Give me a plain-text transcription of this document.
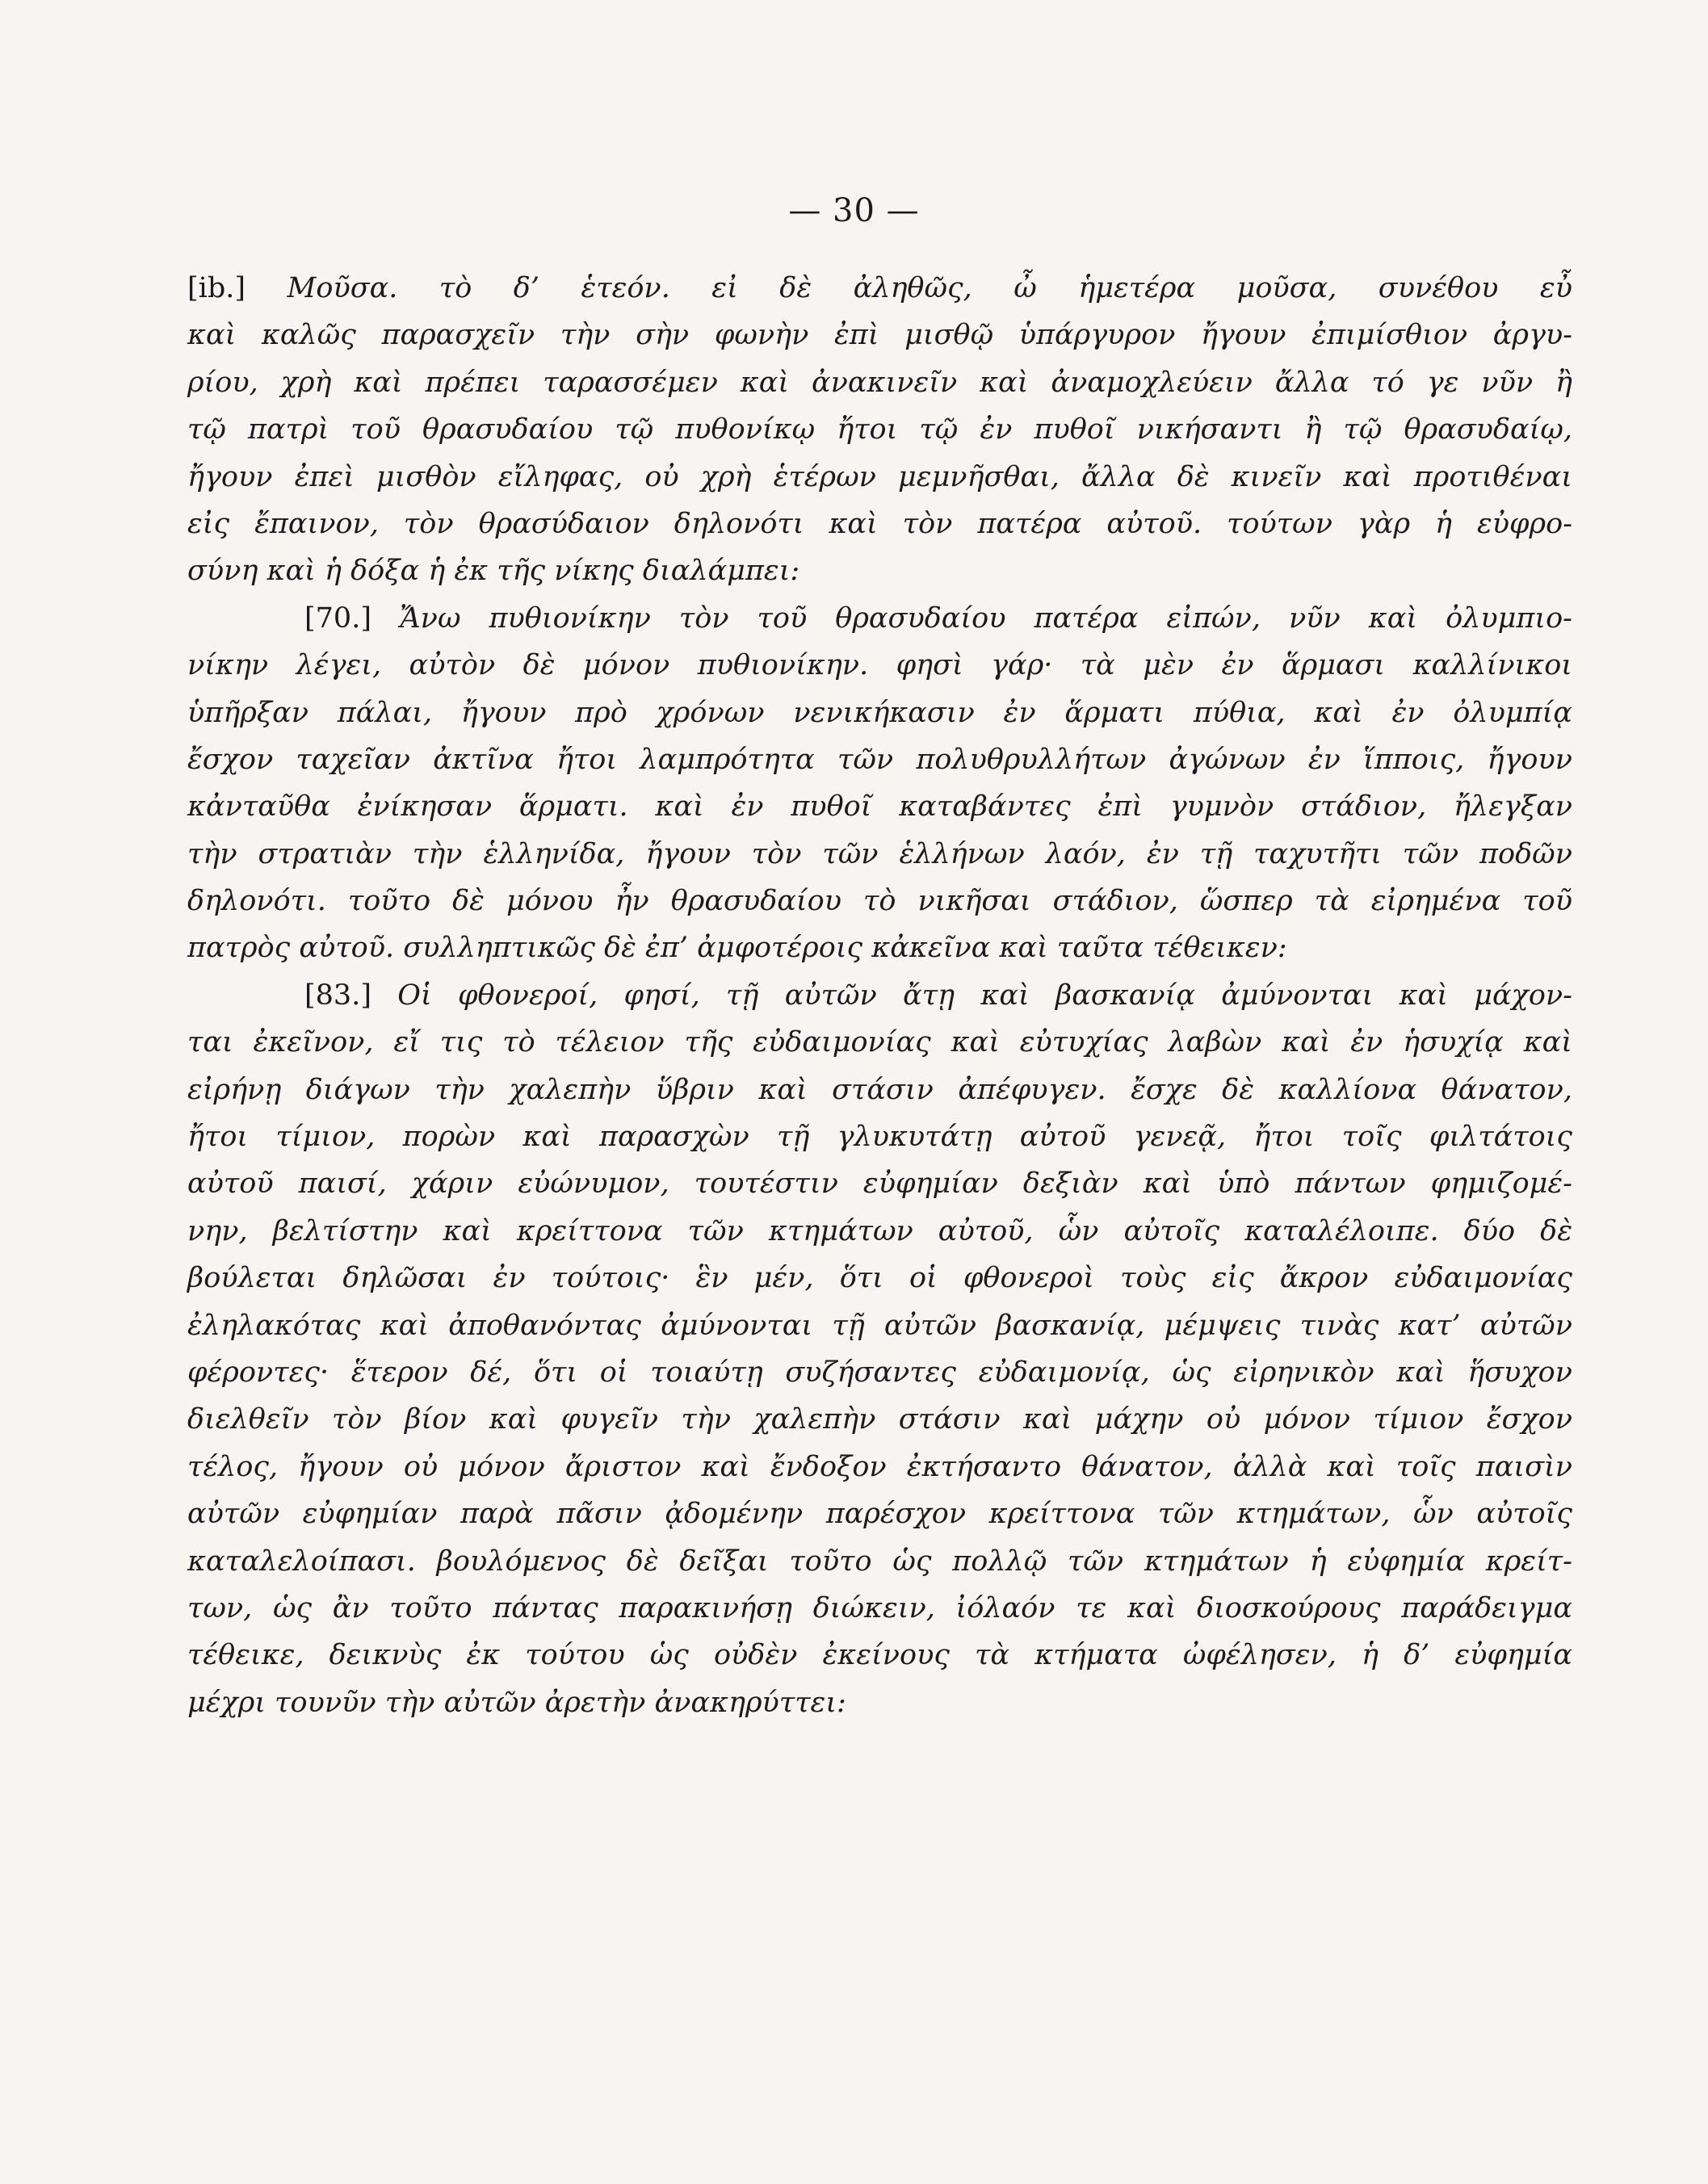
— 30 —
[ib.] Μοῦσα. τὸ δ’ ἑτεόν. εἰ δὲ ἀληθῶς, ὦ ἡμετέρα μοῦσα, συνέθου εὖ
καὶ καλῶς παρασχεῖν τὴν σὴν φωνὴν ἐπὶ μισθῷ ὑπάργυρον ἤγουν ἐπιμίσθιον ἀργυ-
ρίου, χρὴ καὶ πρέπει ταρασσέμεν καὶ ἀνακινεῖν καὶ ἀναμοχλεύειν ἄλλα τό γε νῦν ἢ
τῷ πατρὶ τοῦ θρασυδαίου τῷ πυθονίκῳ ἤτοι τῷ ἐν πυθοῖ νικήσαντι ἢ τῷ θρασυδαίῳ,
ἤγουν ἐπεὶ μισθὸν εἴληφας, οὐ χρὴ ἑτέρων μεμνῆσθαι, ἄλλα δὲ κινεῖν καὶ προτιθέναι
εἰς ἔπαινον, τὸν θρασύδαιον δηλονότι καὶ τὸν πατέρα αὐτοῦ. τούτων γὰρ ἡ εὐφρο-
σύνη καὶ ἡ δόξα ἡ ἐκ τῆς νίκης διαλάμπει:
[70.] Ἄνω πυθιονίκην τὸν τοῦ θρασυδαίου πατέρα εἰπών, νῦν καὶ ὀλυμπιο-
νίκην λέγει, αὐτὸν δὲ μόνον πυθιονίκην. φησὶ γάρ· τὰ μὲν ἐν ἅρμασι καλλίνικοι
ὑπῆρξαν πάλαι, ἤγουν πρὸ χρόνων νενικήκασιν ἐν ἅρματι πύθια, καὶ ἐν ὀλυμπίᾳ
ἔσχον ταχεῖαν ἀκτῖνα ἤτοι λαμπρότητα τῶν πολυθρυλλήτων ἀγώνων ἐν ἵπποις, ἤγουν
κἀνταῦθα ἐνίκησαν ἅρματι. καὶ ἐν πυθοῖ καταβάντες ἐπὶ γυμνὸν στάδιον, ἤλεγξαν
τὴν στρατιὰν τὴν ἑλληνίδα, ἤγουν τὸν τῶν ἑλλήνων λαόν, ἐν τῇ ταχυτῆτι τῶν ποδῶν
δηλονότι. τοῦτο δὲ μόνου ἦν θρασυδαίου τὸ νικῆσαι στάδιον, ὥσπερ τὰ εἰρημένα τοῦ
πατρὸς αὐτοῦ. συλληπτικῶς δὲ ἐπ’ ἀμφοτέροις κἀκεῖνα καὶ ταῦτα τέθεικεν:
[83.] Οἱ φθονεροί, φησί, τῇ αὐτῶν ἄτῃ καὶ βασκανίᾳ ἀμύνονται καὶ μάχον-
ται ἐκεῖνον, εἴ τις τὸ τέλειον τῆς εὐδαιμονίας καὶ εὐτυχίας λαβὼν καὶ ἐν ἡσυχίᾳ καὶ
εἰρήνῃ διάγων τὴν χαλεπὴν ὕβριν καὶ στάσιν ἀπέφυγεν. ἔσχε δὲ καλλίονα θάνατον,
ἤτοι τίμιον, πορὼν καὶ παρασχὼν τῇ γλυκυτάτῃ αὐτοῦ γενεᾷ, ἤτοι τοῖς φιλτάτοις
αὐτοῦ παισί, χάριν εὐώνυμον, τουτέστιν εὐφημίαν δεξιὰν καὶ ὑπὸ πάντων φημιζομέ-
νην, βελτίστην καὶ κρείττονα τῶν κτημάτων αὐτοῦ, ὧν αὐτοῖς καταλέλοιπε. δύο δὲ
βούλεται δηλῶσαι ἐν τούτοις· ἓν μέν, ὅτι οἱ φθονεροὶ τοὺς εἰς ἄκρον εὐδαιμονίας
ἐληλακότας καὶ ἀποθανόντας ἀμύνονται τῇ αὐτῶν βασκανίᾳ, μέμψεις τινὰς κατ’ αὐτῶν
φέροντες· ἕτερον δέ, ὅτι οἱ τοιαύτῃ συζήσαντες εὐδαιμονίᾳ, ὡς εἰρηνικὸν καὶ ἥσυχον
διελθεῖν τὸν βίον καὶ φυγεῖν τὴν χαλεπὴν στάσιν καὶ μάχην οὐ μόνον τίμιον ἔσχον
τέλος, ἤγουν οὐ μόνον ἄριστον καὶ ἔνδοξον ἐκτήσαντο θάνατον, ἀλλὰ καὶ τοῖς παισὶν
αὐτῶν εὐφημίαν παρὰ πᾶσιν ᾀδομένην παρέσχον κρείττονα τῶν κτημάτων, ὧν αὐτοῖς
καταλελοίπασι. βουλόμενος δὲ δεῖξαι τοῦτο ὡς πολλῷ τῶν κτημάτων ἡ εὐφημία κρείτ-
των, ὡς ἂν τοῦτο πάντας παρακινήσῃ διώκειν, ἰόλαόν τε καὶ διοσκούρους παράδειγμα
τέθεικε, δεικνὺς ἐκ τούτου ὡς οὐδὲν ἐκείνους τὰ κτήματα ὠφέλησεν, ἡ δ’ εὐφημία
μέχρι τουνῦν τὴν αὐτῶν ἀρετὴν ἀνακηρύττει:
